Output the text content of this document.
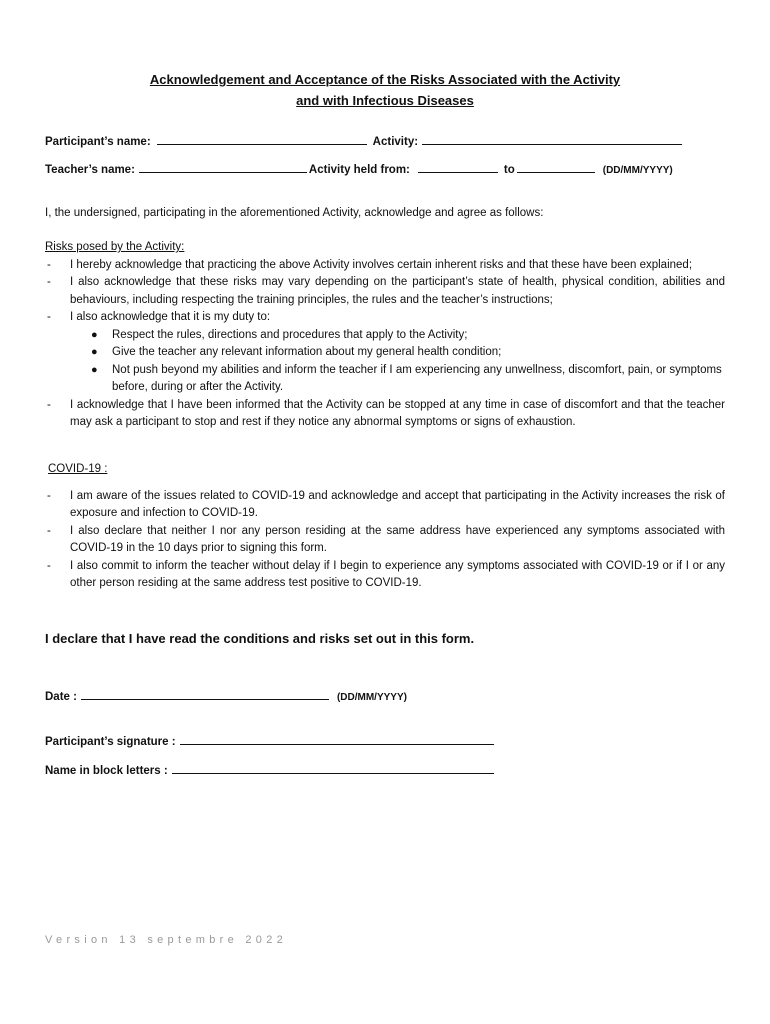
Acknowledgement and Acceptance of the Risks Associated with the Activity
and with Infectious Diseases
Participant’s name:	Activity:
Teacher’s name:	Activity held from:	to	(DD/MM/YYYY)
I, the undersigned, participating in the aforementioned Activity, acknowledge and agree as follows:
Risks posed by the Activity:
- I hereby acknowledge that practicing the above Activity involves certain inherent risks and that these have been explained;
- I also acknowledge that these risks may vary depending on the participant’s state of health, physical condition, abilities and behaviours, including respecting the training principles, the rules and the teacher’s instructions;
- I also acknowledge that it is my duty to:
● Respect the rules, directions and procedures that apply to the Activity;
● Give the teacher any relevant information about my general health condition;
● Not push beyond my abilities and inform the teacher if I am experiencing any unwellness, discomfort, pain, or symptoms before, during or after the Activity.
- I acknowledge that I have been informed that the Activity can be stopped at any time in case of discomfort and that the teacher may ask a participant to stop and rest if they notice any abnormal symptoms or signs of exhaustion.
COVID-19 :
- I am aware of the issues related to COVID-19 and acknowledge and accept that participating in the Activity increases the risk of exposure and infection to COVID-19.
- I also declare that neither I nor any person residing at the same address have experienced any symptoms associated with COVID-19 in the 10 days prior to signing this form.
- I also commit to inform the teacher without delay if I begin to experience any symptoms associated with COVID-19 or if I or any other person residing at the same address test positive to COVID-19.
I declare that I have read the conditions and risks set out in this form.
Date :	(DD/MM/YYYY)
Participant’s signature :
Name in block letters :
Version 13 septembre 2022
